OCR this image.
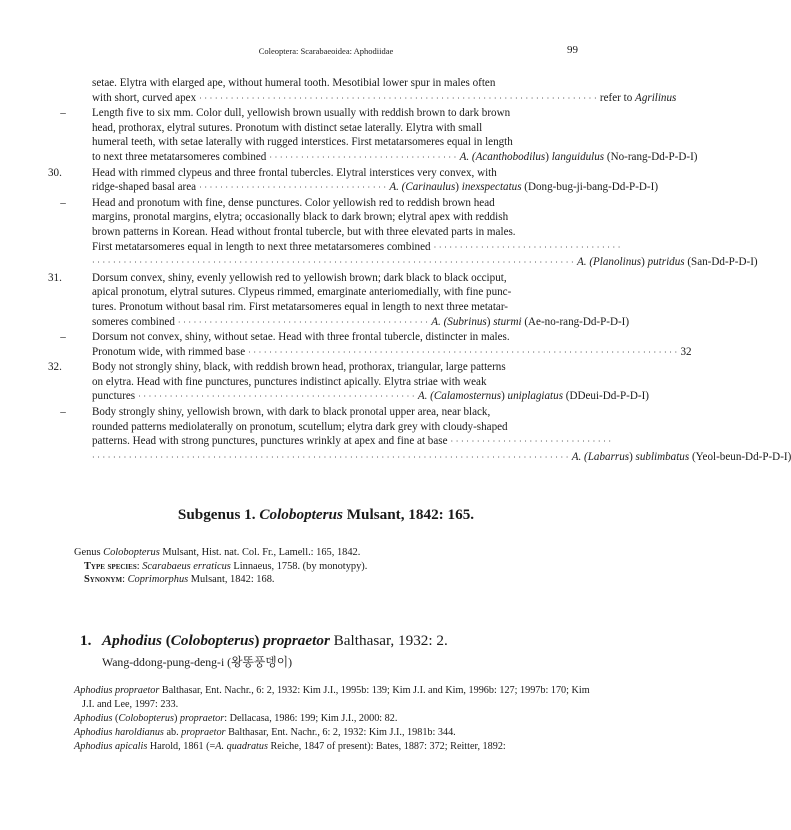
Coleoptera: Scarabaeoidea: Aphodiidae	99
setae. Elytra with elarged ape, without humeral tooth. Mesotibial lower spur in males often
with short, curved apex · · · · · · · · · · · · · · · · · · · · · · · · · · · · · · · · · · · · · · · · · · · · · · · · · · · · · · · · · · · · · · · · · · · · · · · · · · · · refer to Agrilinus
–	Length five to six mm. Color dull, yellowish brown usually with reddish brown to dark brown
head, prothorax, elytral sutures. Pronotum with distinct setae laterally. Elytra with small
humeral teeth, with setae laterally with rugged interstices. First metatarsomeres equal in length
to next three metatarsomeres combined · · · · · · · · · · · · · · · · · · · · · · · · · · · · · · · · · · · · A. (Acanthobodilus) languidulus (No-rang-Dd-P-D-I)
30.	Head with rimmed clypeus and three frontal tubercles. Elytral interstices very convex, with
ridge-shaped basal area · · · · · · · · · · · · · · · · · · · · · · · · · · · · · · · · · · · · A. (Carinaulus) inexspectatus (Dong-bug-ji-bang-Dd-P-D-I)
–	Head and pronotum with fine, dense punctures. Color yellowish red to reddish brown head
margins, pronotal margins, elytra; occasionally black to dark brown; elytral apex with reddish
brown patterns in Korean. Head without frontal tubercle, but with three elevated parts in males.
First metatarsomeres equal in length to next three metatarsomeres combined · · · · · · · · · · · · · · · · · · · · · · · · · · · · · · · · · · · ·
· · · · · · · · · · · · · · · · · · · · · · · · · · · · · · · · · · · · · · · · · · · · · · · · · · · · · · · · · · · · · · · · · · · · · · · · · · · · · · · · · · · · · · · · · · · · A. (Planolinus) putridus (San-Dd-P-D-I)
31.	Dorsum convex, shiny, evenly yellowish red to yellowish brown; dark black to black occiput,
apical pronotum, elytral sutures. Clypeus rimmed, emarginate anteriomedially, with fine punc-
tures. Pronotum without basal rim. First metatarsomeres equal in length to next three metatar-
someres combined · · · · · · · · · · · · · · · · · · · · · · · · · · · · · · · · · · · · · · · · · · · · · · · · A. (Subrinus) sturmi (Ae-no-rang-Dd-P-D-I)
–	Dorsum not convex, shiny, without setae. Head with three frontal tubercle, distincter in males.
Pronotum wide, with rimmed base · · · · · · · · · · · · · · · · · · · · · · · · · · · · · · · · · · · · · · · · · · · · · · · · · · · · · · · · · · · · · · · · · · · · · · · · · · · · · · · · · · 32
32.	Body not strongly shiny, black, with reddish brown head, prothorax, triangular, large patterns
on elytra. Head with fine punctures, punctures indistinct apically. Elytra striae with weak
punctures · · · · · · · · · · · · · · · · · · · · · · · · · · · · · · · · · · · · · · · · · · · · · · · · · · · · · A. (Calamosternus) uniplagiatus (DDeui-Dd-P-D-I)
–	Body strongly shiny, yellowish brown, with dark to black pronotal upper area, near black,
rounded patterns mediolaterally on pronotum, scutellum; elytra dark grey with cloudy-shaped
patterns. Head with strong punctures, punctures wrinkly at apex and fine at base · · · · · · · · · · · · · · · · · · · · · · · · · · · · · · ·
· · · · · · · · · · · · · · · · · · · · · · · · · · · · · · · · · · · · · · · · · · · · · · · · · · · · · · · · · · · · · · · · · · · · · · · · · · · · · · · · · · · · · · · · · · · A. (Labarrus) sublimbatus (Yeol-beun-Dd-P-D-I)
Subgenus 1. Colobopterus Mulsant, 1842: 165.
Genus Colobopterus Mulsant, Hist. nat. Col. Fr., Lamell.: 165, 1842.
Type species: Scarabaeus erraticus Linnaeus, 1758. (by monotypy).
Synonym: Coprimorphus Mulsant, 1842: 168.
1. Aphodius (Colobopterus) propraetor Balthasar, 1932: 2.
Wang-ddong-pung-deng-i (왕똥풍뎅이)
Aphodius propraetor Balthasar, Ent. Nachr., 6: 2, 1932: Kim J.I., 1995b: 139; Kim J.I. and Kim, 1996b: 127; 1997b: 170; Kim J.I. and Lee, 1997: 233.
Aphodius (Colobopterus) propraetor: Dellacasa, 1986: 199; Kim J.I., 2000: 82.
Aphodius haroldianus ab. propraetor Balthasar, Ent. Nachr., 6: 2, 1932: Kim J.I., 1981b: 344.
Aphodius apicalis Harold, 1861 (=A. quadratus Reiche, 1847 of present): Bates, 1887: 372; Reitter, 1892:
